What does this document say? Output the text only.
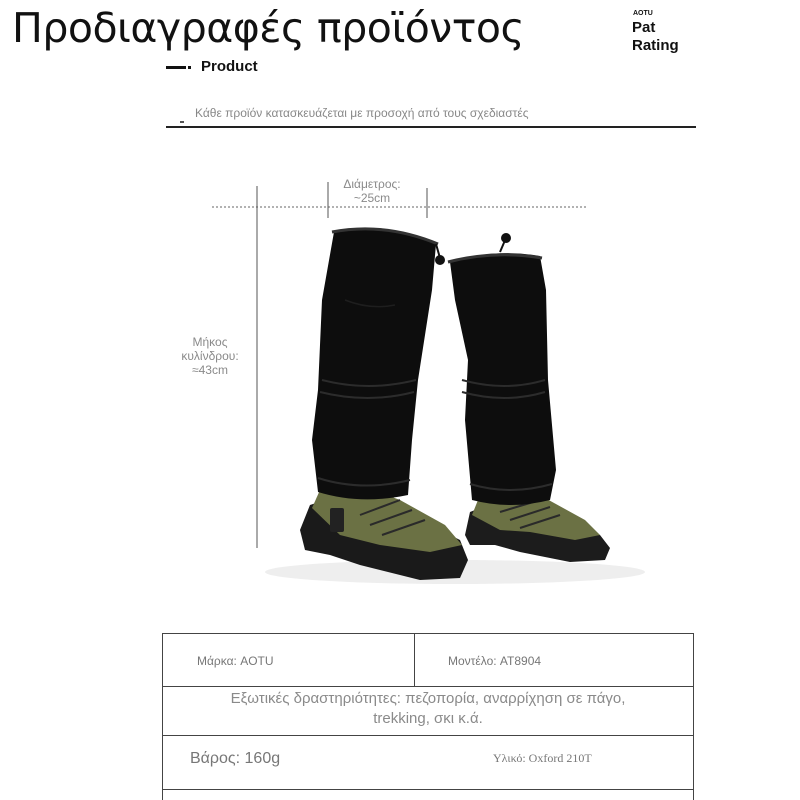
Προδιαγραφές προϊόντος	AOTU
Pat
Rating
Product
Κάθε προϊόν κατασκευάζεται με προσοχή από τους σχεδιαστές
Διάμετρος:
~25cm
Μήκος
κυλίνδρου:
≈43cm
Μάρκα: AOTU	Μοντέλο: AT8904
Εξωτικές δραστηριότητες: πεζοπορία, αναρρίχηση σε πάγο,
trekking, σκι κ.ά.
Βάρος: 160g	Υλικό: Oxford 210T
